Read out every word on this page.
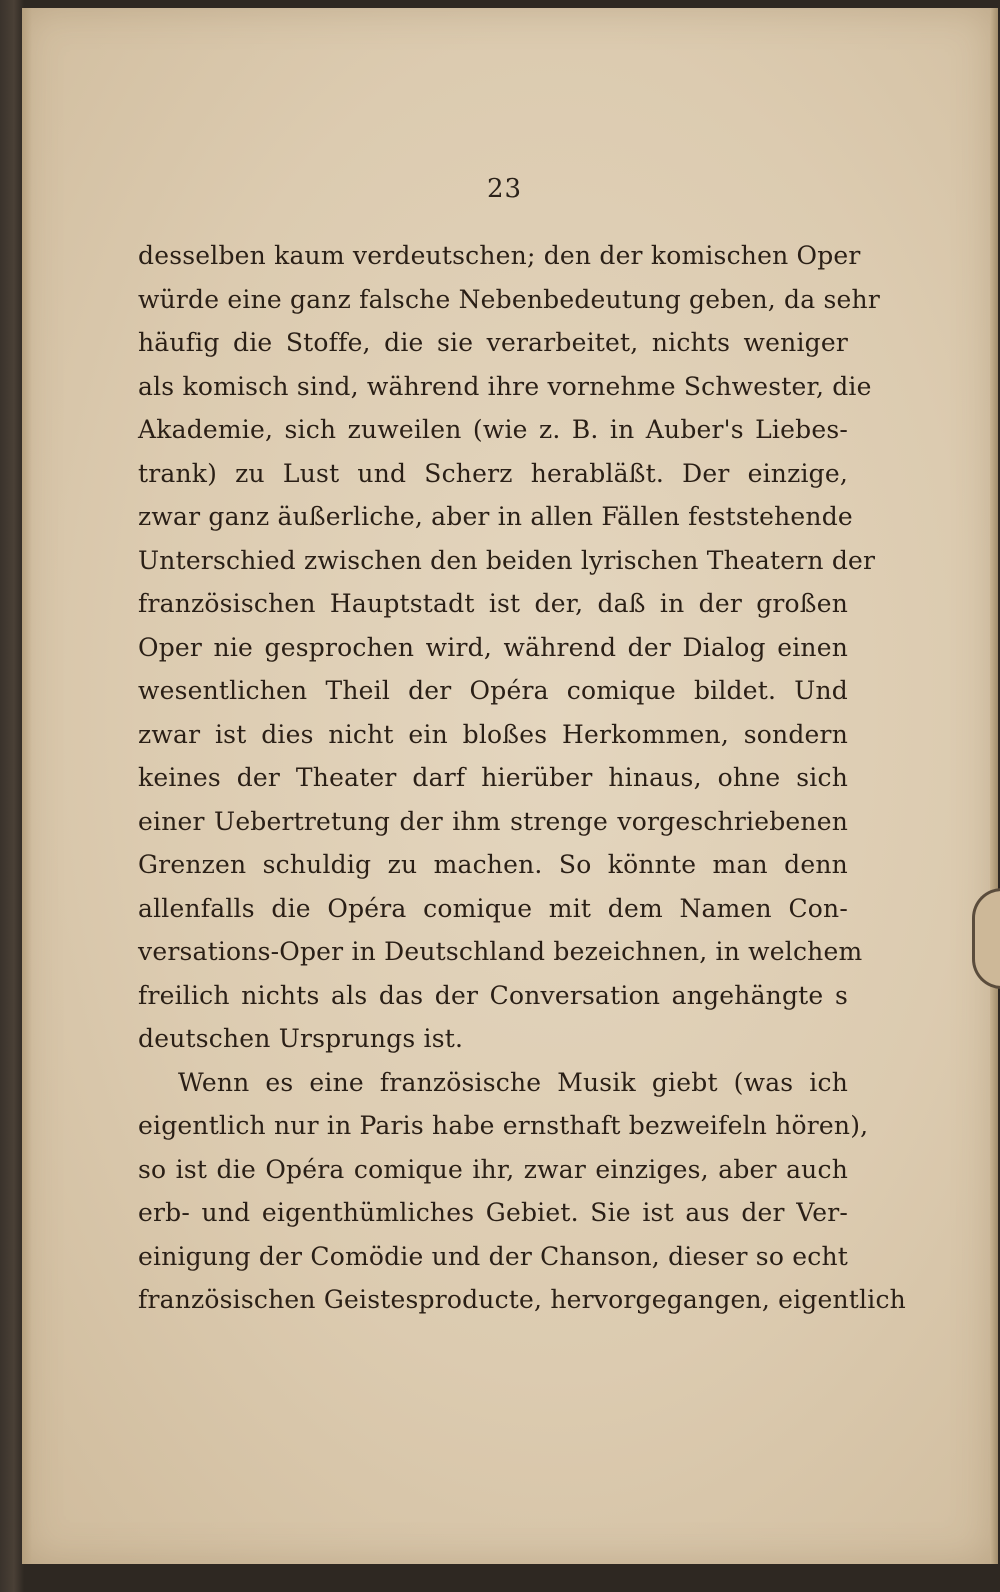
23
desselben kaum verdeutschen; den der komischen Oper
würde eine ganz falsche Nebenbedeutung geben, da sehr
häufig die Stoffe, die sie verarbeitet, nichts weniger
als komisch sind, während ihre vornehme Schwester, die
Akademie, sich zuweilen (wie z. B. in Auber's Liebes-
trank) zu Lust und Scherz herabläßt. Der einzige,
zwar ganz äußerliche, aber in allen Fällen feststehende
Unterschied zwischen den beiden lyrischen Theatern der
französischen Hauptstadt ist der, daß in der großen
Oper nie gesprochen wird, während der Dialog einen
wesentlichen Theil der Opéra comique bildet. Und
zwar ist dies nicht ein bloßes Herkommen, sondern
keines der Theater darf hierüber hinaus, ohne sich
einer Uebertretung der ihm strenge vorgeschriebenen
Grenzen schuldig zu machen. So könnte man denn
allenfalls die Opéra comique mit dem Namen Con-
versations-Oper in Deutschland bezeichnen, in welchem
freilich nichts als das der Conversation angehängte s
deutschen Ursprungs ist.
Wenn es eine französische Musik giebt (was ich
eigentlich nur in Paris habe ernsthaft bezweifeln hören),
so ist die Opéra comique ihr, zwar einziges, aber auch
erb- und eigenthümliches Gebiet. Sie ist aus der Ver-
einigung der Comödie und der Chanson, dieser so echt
französischen Geistesproducte, hervorgegangen, eigentlich
